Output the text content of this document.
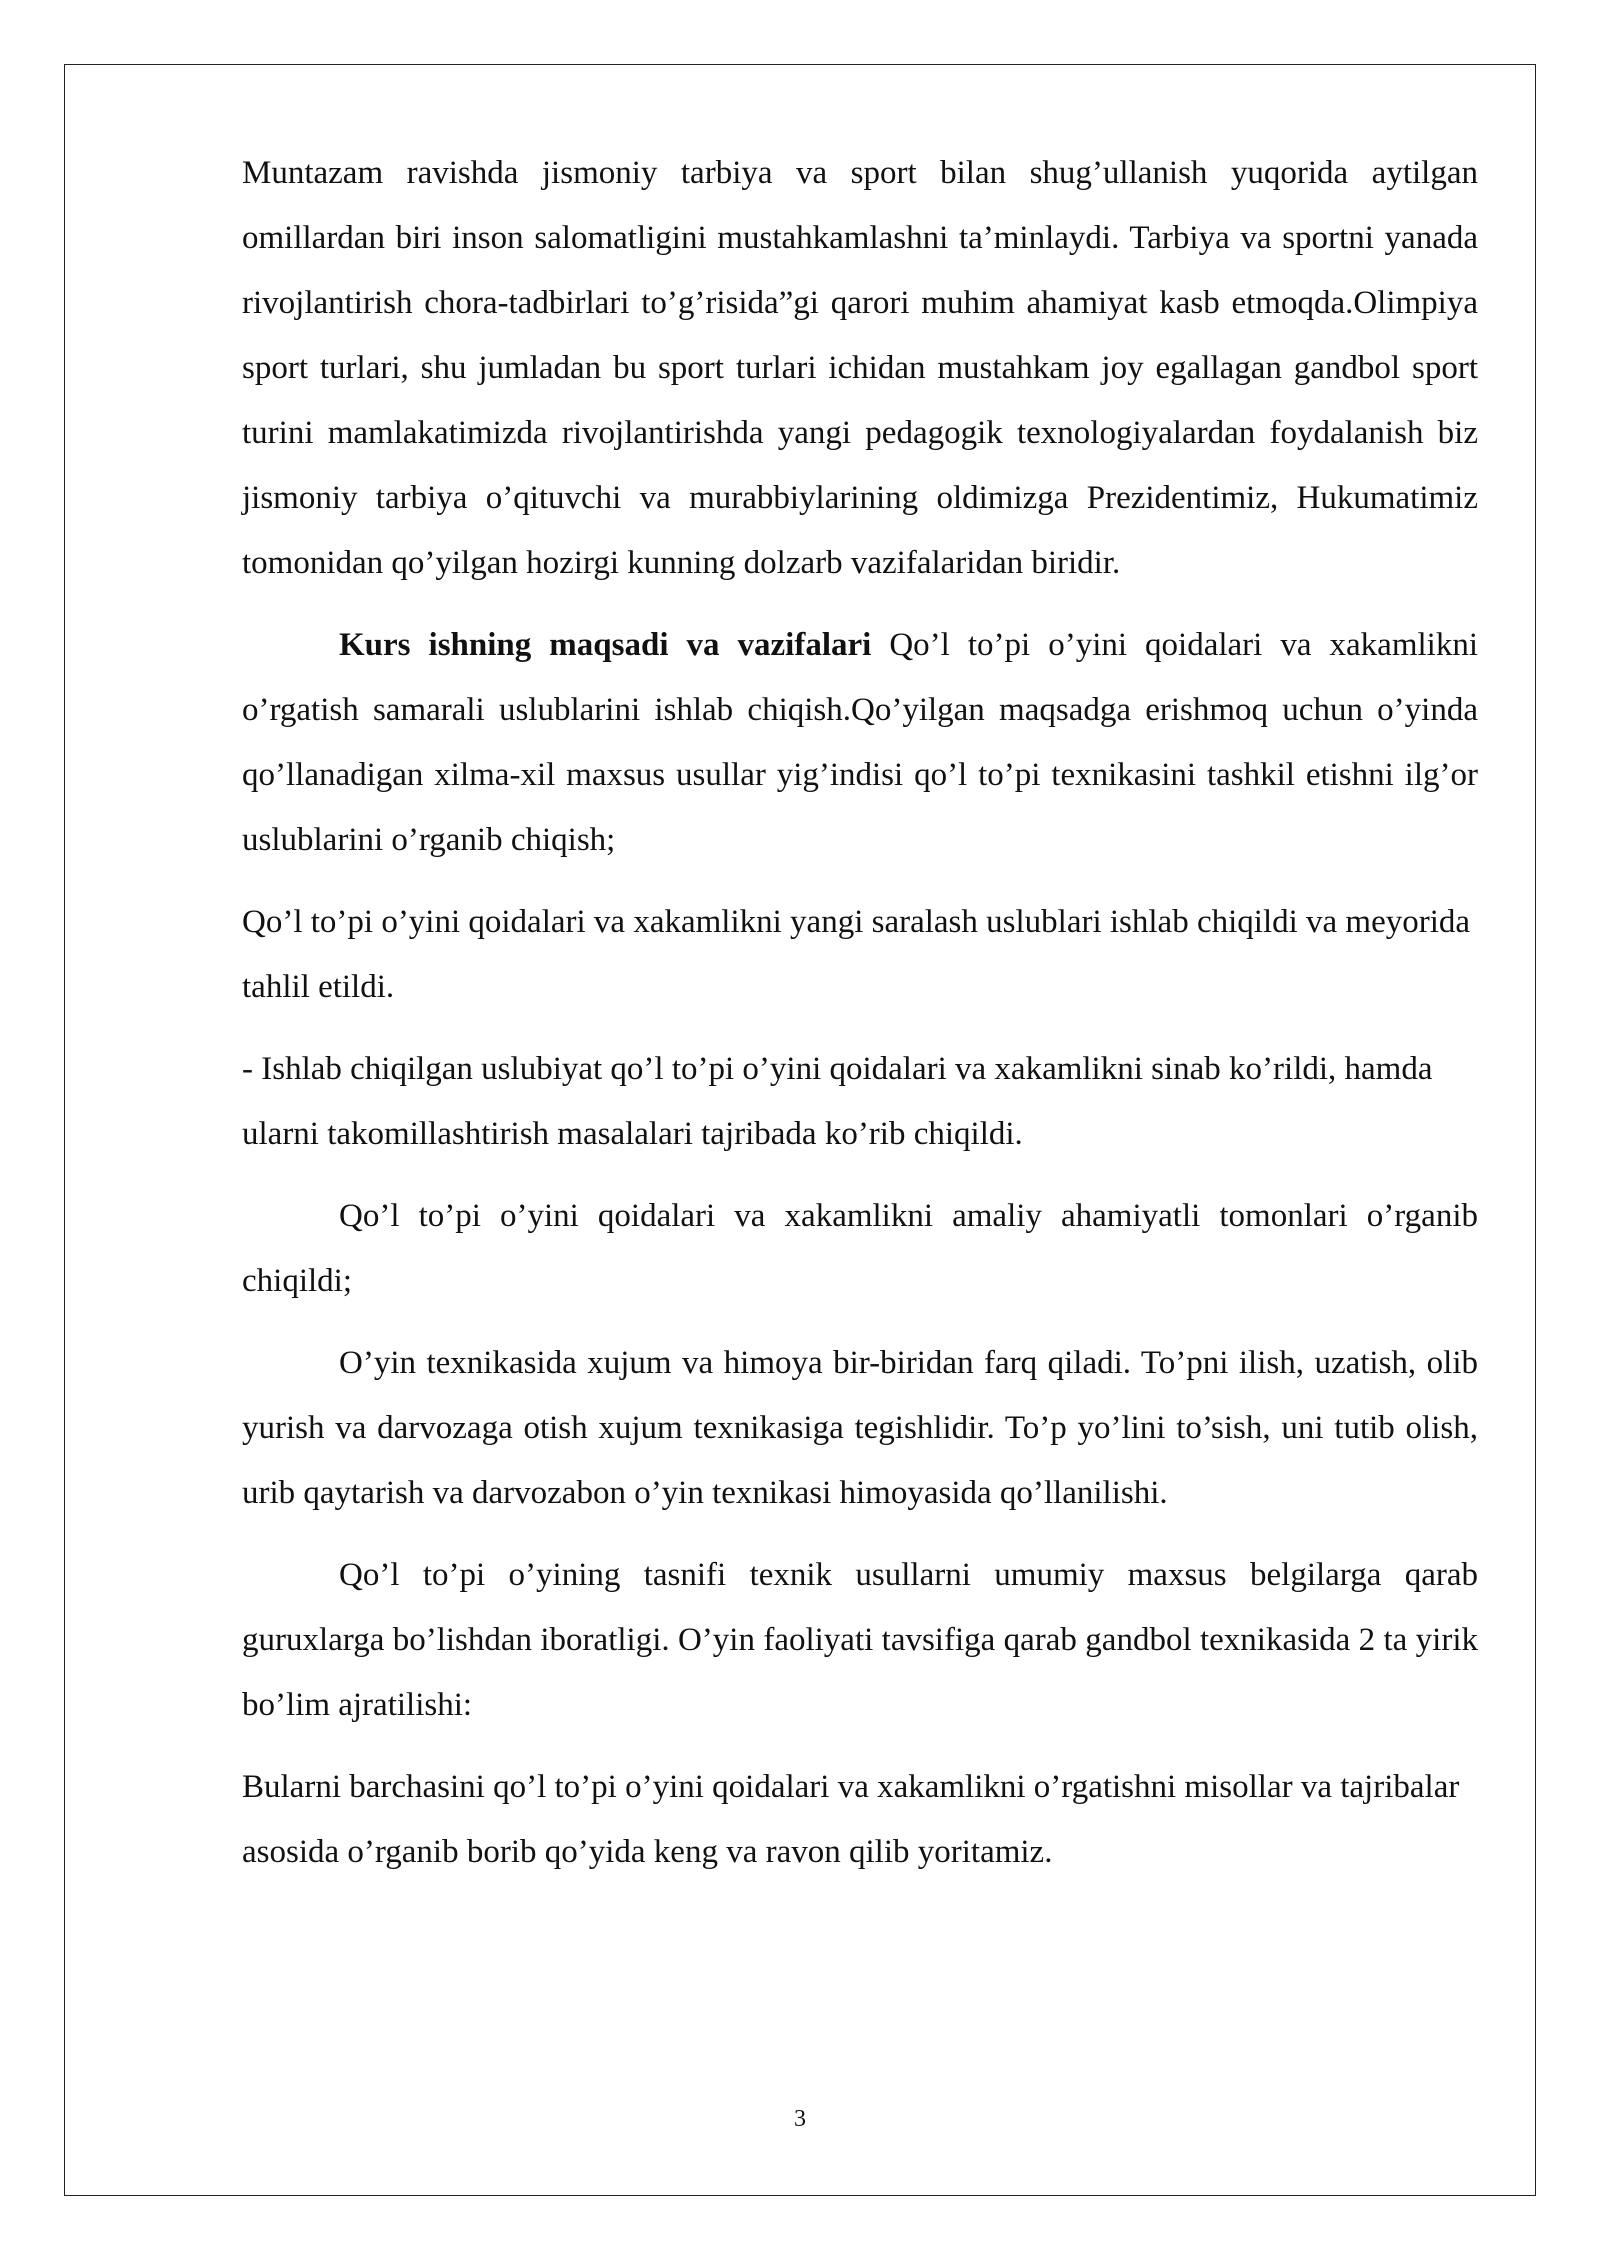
Muntazam ravishda jismoniy tarbiya va sport bilan shug’ullanish yuqorida aytilgan omillardan biri inson salomatligini mustahkamlashni ta’minlaydi. Tarbiya va sportni yanada rivojlantirish chora-tadbirlari to’g’risida”gi qarori muhim ahamiyat kasb etmoqda.Olimpiya sport turlari, shu jumladan bu sport turlari ichidan mustahkam joy egallagan gandbol sport turini mamlakatimizda rivojlantirishda yangi pedagogik texnologiyalardan foydalanish biz jismoniy tarbiya o’qituvchi va murabbiylarining oldimizga Prezidentimiz, Hukumatimiz tomonidan qo’yilgan hozirgi kunning dolzarb vazifalaridan biridir.

Kurs ishning maqsadi va vazifalari Qo’l to’pi o’yini qoidalari va xakamlikni o’rgatish samarali uslublarini ishlab chiqish.Qo’yilgan maqsadga erishmoq uchun o’yinda qo’llanadigan xilma-xil maxsus usullar yig’indisi qo’l to’pi texnikasini tashkil etishni ilg’or uslublarini o’rganib chiqish;

Qo’l to’pi o’yini qoidalari va xakamlikni yangi saralash uslublari ishlab chiqildi va meyorida tahlil etildi.

- Ishlab chiqilgan uslubiyat qo’l to’pi o’yini qoidalari va xakamlikni sinab ko’rildi, hamda ularni takomillashtirish masalalari tajribada ko’rib chiqildi.

Qo’l to’pi o’yini qoidalari va xakamlikni amaliy ahamiyatli tomonlari o’rganib chiqildi;

O’yin texnikasida xujum va himoya bir-biridan farq qiladi. To’pni ilish, uzatish, olib yurish va darvozaga otish xujum texnikasiga tegishlidir. To’p yo’lini to’sish, uni tutib olish, urib qaytarish va darvozabon o’yin texnikasi himoyasida qo’llanilishi.

Qo’l to’pi o’yining tasnifi texnik usullarni umumiy maxsus belgilarga qarab guruxlarga bo’lishdan iboratligi. O’yin faoliyati tavsifiga qarab gandbol texnikasida 2 ta yirik bo’lim ajratilishi:

Bularni barchasini qo’l to’pi o’yini qoidalari va xakamlikni o’rgatishni misollar va tajribalar asosida o’rganib borib qo’yida keng va ravon qilib yoritamiz.

3
